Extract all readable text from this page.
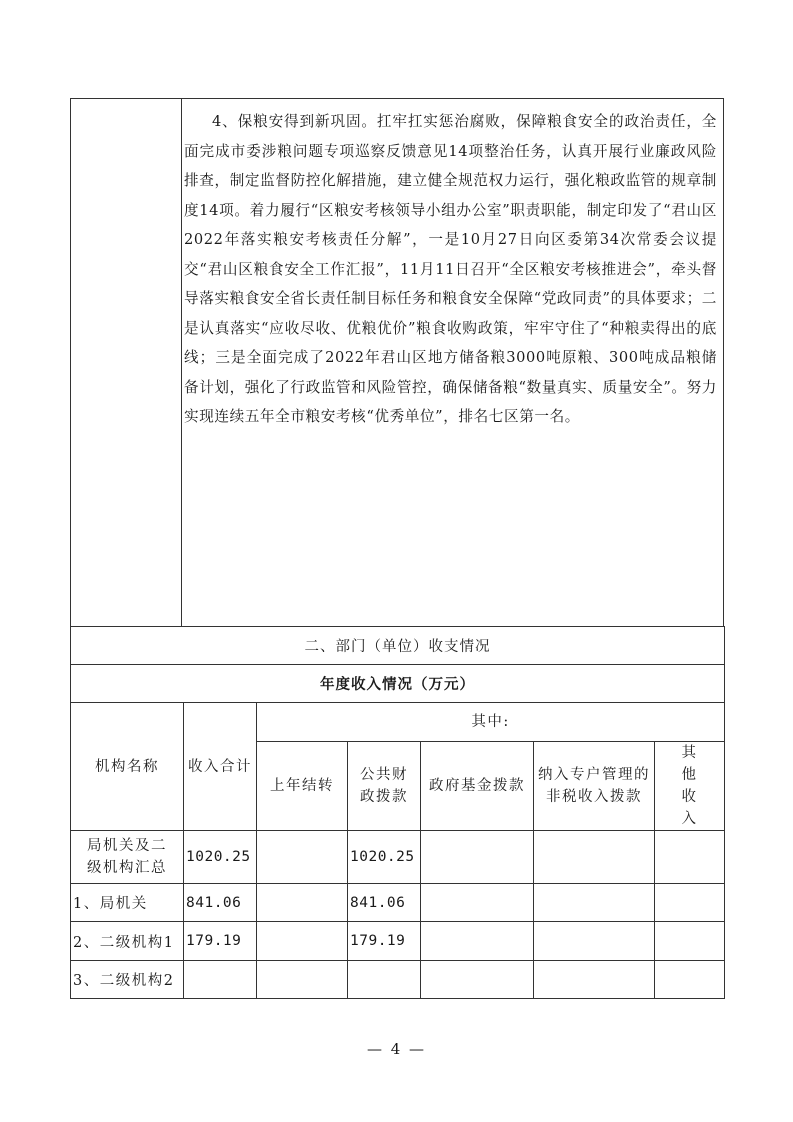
4、保粮安得到新巩固。扛牢扛实惩治腐败，保障粮食安全的政治责任，全面完成市委涉粮问题专项巡察反馈意见14项整治任务，认真开展行业廉政风险排查，制定监督防控化解措施，建立健全规范权力运行，强化粮政监管的规章制度14项。着力履行“区粮安考核领导小组办公室”职责职能，制定印发了“君山区2022年落实粮安考核责任分解”，一是10月27日向区委第34次常委会议提交“君山区粮食安全工作汇报”，11月11日召开“全区粮安考核推进会”，牵头督导落实粮食安全省长责任制目标任务和粮食安全保障“党政同责”的具体要求；二是认真落实“应收尽收、优粮优价”粮食收购政策，牢牢守住了“种粮卖得出的底线；三是全面完成了2022年君山区地方储备粮3000吨原粮、300吨成品粮储备计划，强化了行政监管和风险管控，确保储备粮“数量真实、质量安全”。努力实现连续五年全市粮安考核“优秀单位”，排名七区第一名。
二、部门（单位）收支情况						
年度收入情况（万元）						
机构名称	收入合计	其中:				
		上年结转	公共财政拨款	政府基金拨款	纳入专户管理的非税收入拨款	其他收入
局机关及二级机构汇总	1020.25		1020.25			
1、局机关	841.06		841.06			
2、二级机构1	179.19		179.19			
3、二级机构2						
— 4 —
